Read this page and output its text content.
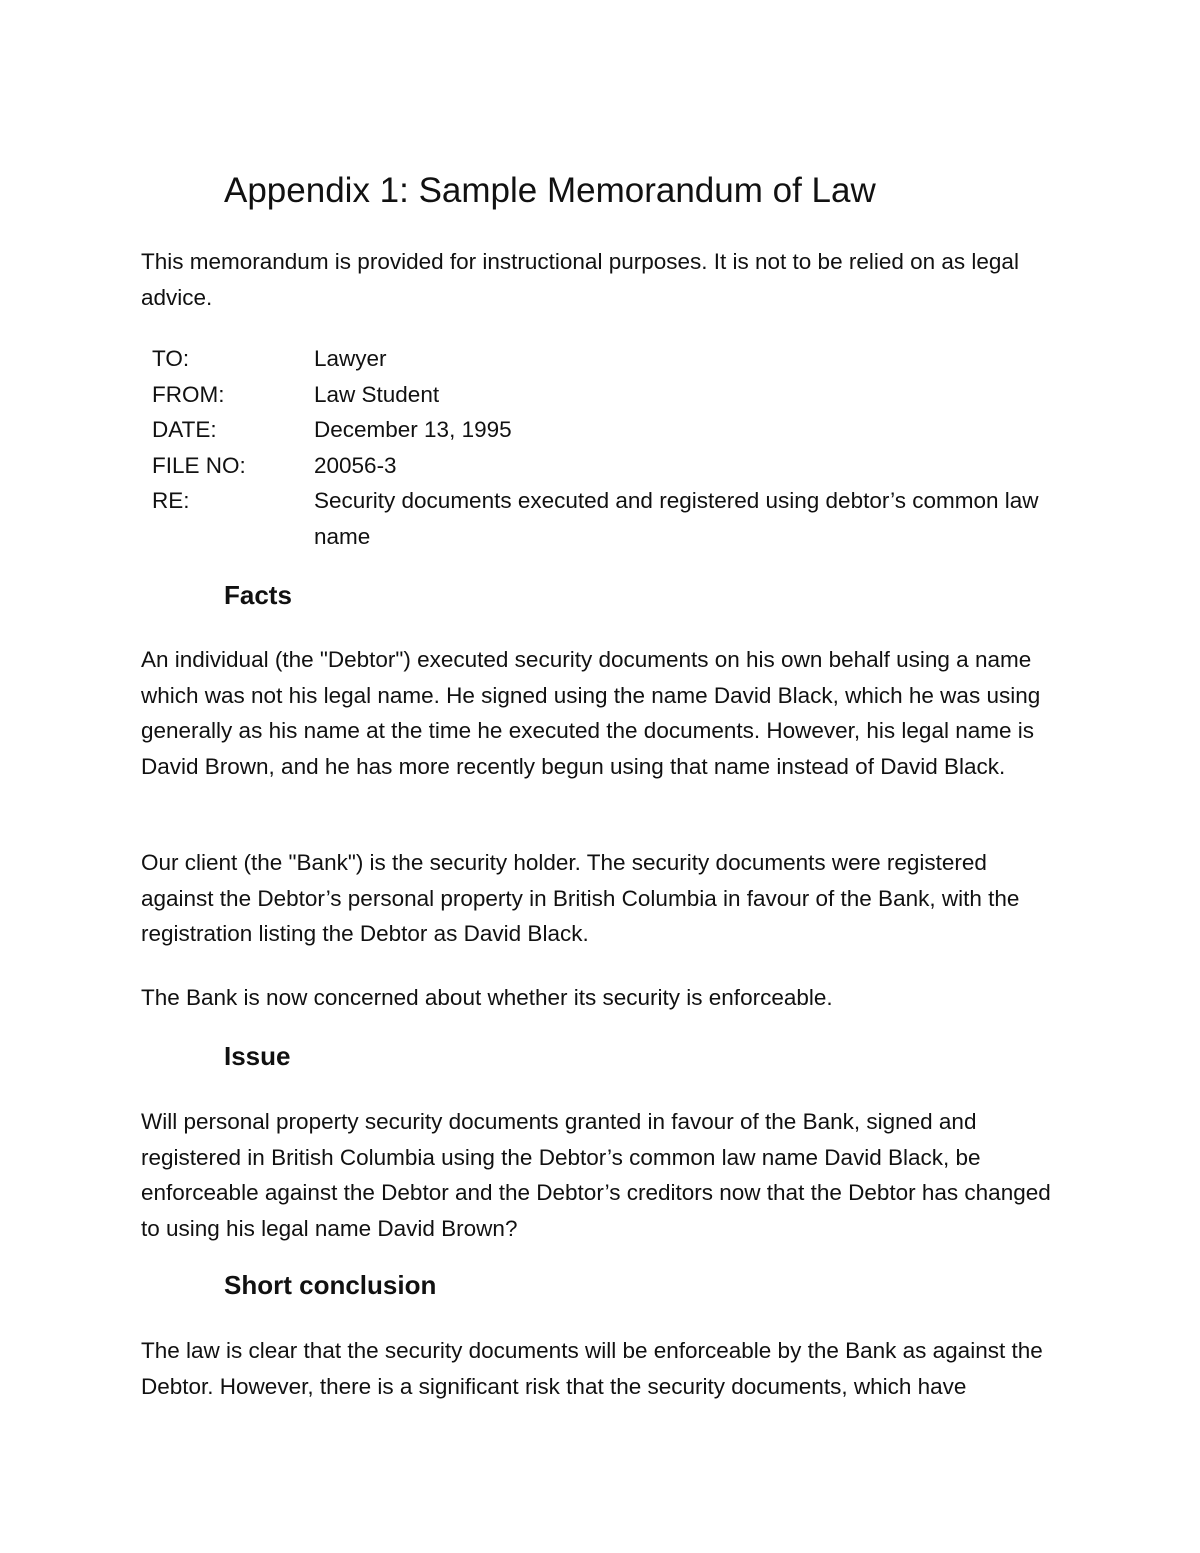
Appendix 1: Sample Memorandum of Law

This memorandum is provided for instructional purposes. It is not to be relied on as legal advice.

TO:	Lawyer
FROM:	Law Student
DATE:	December 13, 1995
FILE NO:	20056-3
RE:	Security documents executed and registered using debtor’s common law name
Facts

An individual (the "Debtor") executed security documents on his own behalf using a name which was not his legal name. He signed using the name David Black, which he was using generally as his name at the time he executed the documents. However, his legal name is David Brown, and he has more recently begun using that name instead of David Black.

Our client (the "Bank") is the security holder. The security documents were registered against the Debtor’s personal property in British Columbia in favour of the Bank, with the registration listing the Debtor as David Black.

The Bank is now concerned about whether its security is enforceable.

Issue

Will personal property security documents granted in favour of the Bank, signed and registered in British Columbia using the Debtor’s common law name David Black, be enforceable against the Debtor and the Debtor’s creditors now that the Debtor has changed to using his legal name David Brown?

Short conclusion

The law is clear that the security documents will be enforceable by the Bank as against the Debtor. However, there is a significant risk that the security documents, which have
